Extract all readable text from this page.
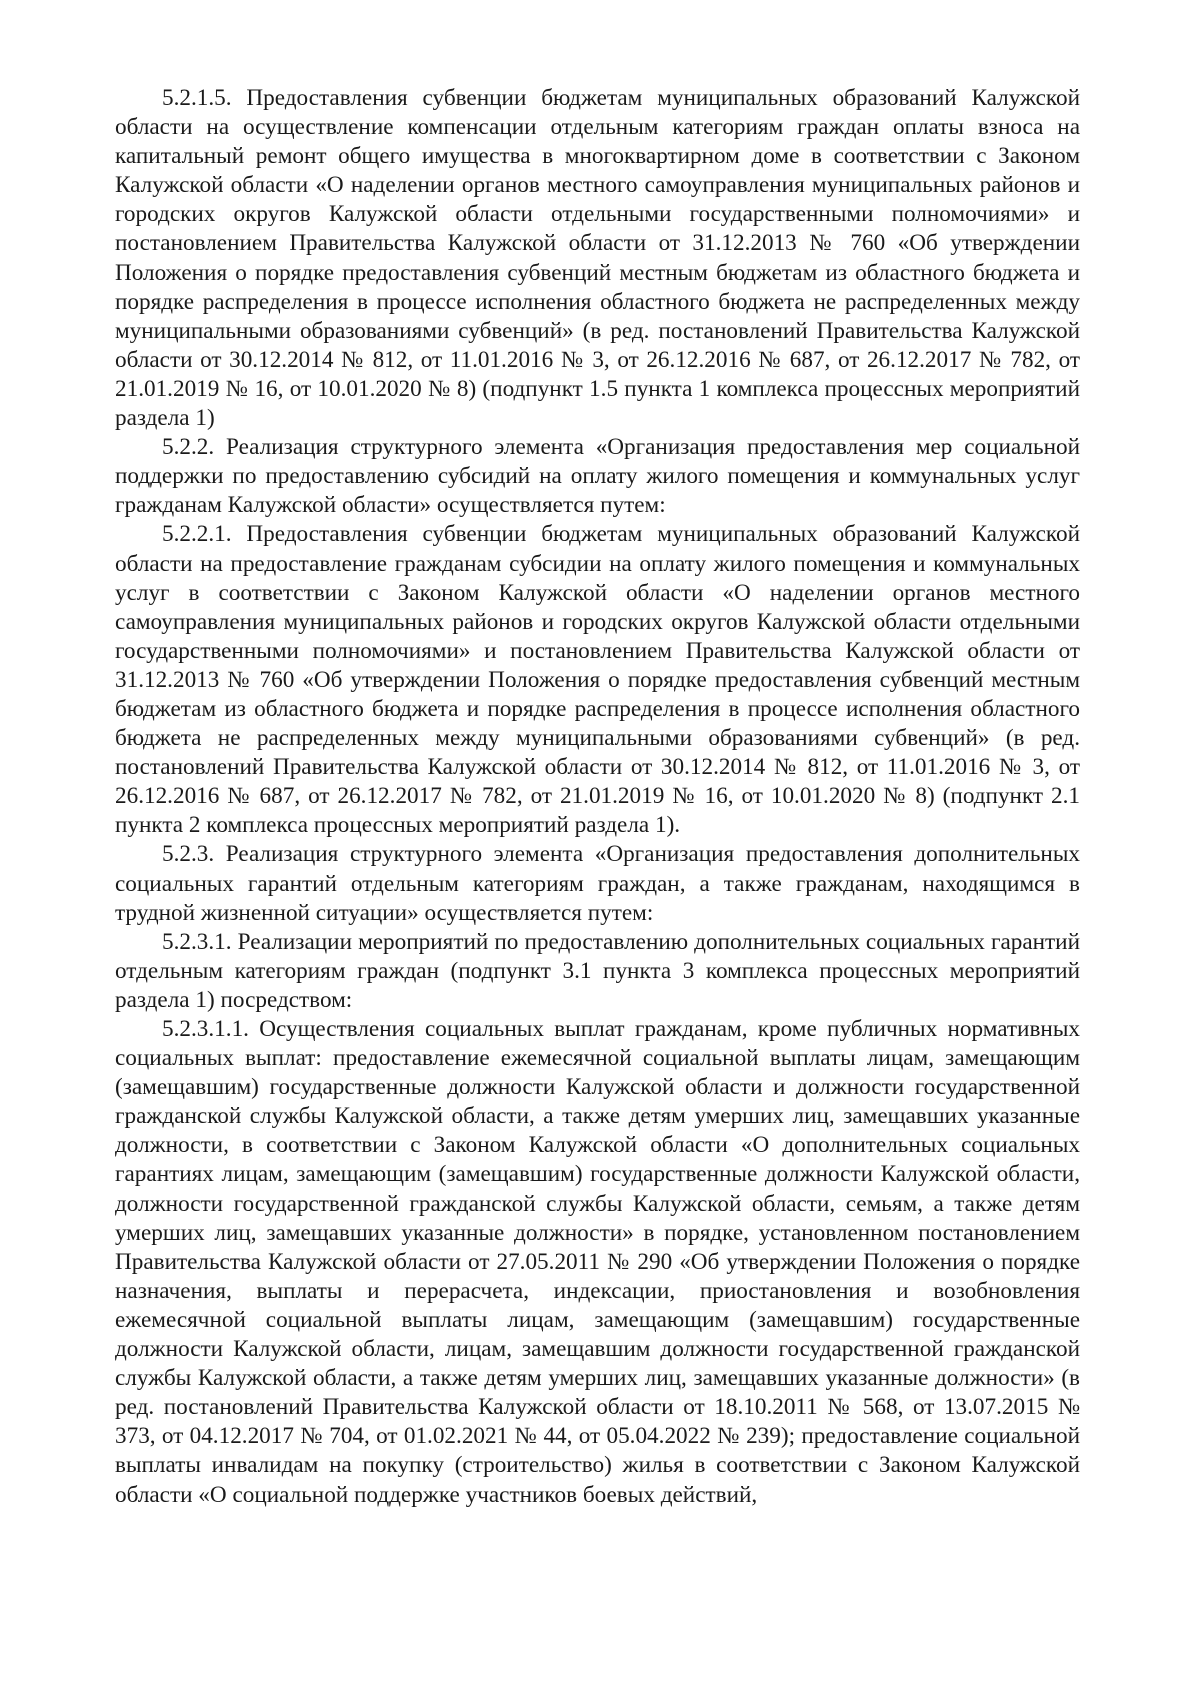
5.2.1.5. Предоставления субвенции бюджетам муниципальных образований Калужской области на осуществление компенсации отдельным категориям граждан оплаты взноса на капитальный ремонт общего имущества в многоквартирном доме в соответствии с Законом Калужской области «О наделении органов местного самоуправления муниципальных районов и городских округов Калужской области отдельными государственными полномочиями» и постановлением Правительства Калужской области от 31.12.2013 № 760 «Об утверждении Положения о порядке предоставления субвенций местным бюджетам из областного бюджета и порядке распределения в процессе исполнения областного бюджета не распределенных между муниципальными образованиями субвенций» (в ред. постановлений Правительства Калужской области от 30.12.2014 № 812, от 11.01.2016 № 3, от 26.12.2016 № 687, от 26.12.2017 № 782, от 21.01.2019 № 16, от 10.01.2020 № 8) (подпункт 1.5 пункта 1 комплекса процессных мероприятий раздела 1)

5.2.2. Реализация структурного элемента «Организация предоставления мер социальной поддержки по предоставлению субсидий на оплату жилого помещения и коммунальных услуг гражданам Калужской области» осуществляется путем:

5.2.2.1. Предоставления субвенции бюджетам муниципальных образований Калужской области на предоставление гражданам субсидии на оплату жилого помещения и коммунальных услуг в соответствии с Законом Калужской области «О наделении органов местного самоуправления муниципальных районов и городских округов Калужской области отдельными государственными полномочиями» и постановлением Правительства Калужской области от 31.12.2013 № 760 «Об утверждении Положения о порядке предоставления субвенций местным бюджетам из областного бюджета и порядке распределения в процессе исполнения областного бюджета не распределенных между муниципальными образованиями субвенций» (в ред. постановлений Правительства Калужской области от 30.12.2014 № 812, от 11.01.2016 № 3, от 26.12.2016 № 687, от 26.12.2017 № 782, от 21.01.2019 № 16, от 10.01.2020 № 8) (подпункт 2.1 пункта 2 комплекса процессных мероприятий раздела 1).

5.2.3. Реализация структурного элемента «Организация предоставления дополнительных социальных гарантий отдельным категориям граждан, а также гражданам, находящимся в трудной жизненной ситуации» осуществляется путем:

5.2.3.1. Реализации мероприятий по предоставлению дополнительных социальных гарантий отдельным категориям граждан (подпункт 3.1 пункта 3 комплекса процессных мероприятий раздела 1) посредством:

5.2.3.1.1. Осуществления социальных выплат гражданам, кроме публичных нормативных социальных выплат: предоставление ежемесячной социальной выплаты лицам, замещающим (замещавшим) государственные должности Калужской области и должности государственной гражданской службы Калужской области, а также детям умерших лиц, замещавших указанные должности, в соответствии с Законом Калужской области «О дополнительных социальных гарантиях лицам, замещающим (замещавшим) государственные должности Калужской области, должности государственной гражданской службы Калужской области, семьям, а также детям умерших лиц, замещавших указанные должности» в порядке, установленном постановлением Правительства Калужской области от 27.05.2011 № 290 «Об утверждении Положения о порядке назначения, выплаты и перерасчета, индексации, приостановления и возобновления ежемесячной социальной выплаты лицам, замещающим (замещавшим) государственные должности Калужской области, лицам, замещавшим должности государственной гражданской службы Калужской области, а также детям умерших лиц, замещавших указанные должности» (в ред. постановлений Правительства Калужской области от 18.10.2011 № 568, от 13.07.2015 № 373, от 04.12.2017 № 704, от 01.02.2021 № 44, от 05.04.2022 № 239); предоставление социальной выплаты инвалидам на покупку (строительство) жилья в соответствии с Законом Калужской области «О социальной поддержке участников боевых действий,
